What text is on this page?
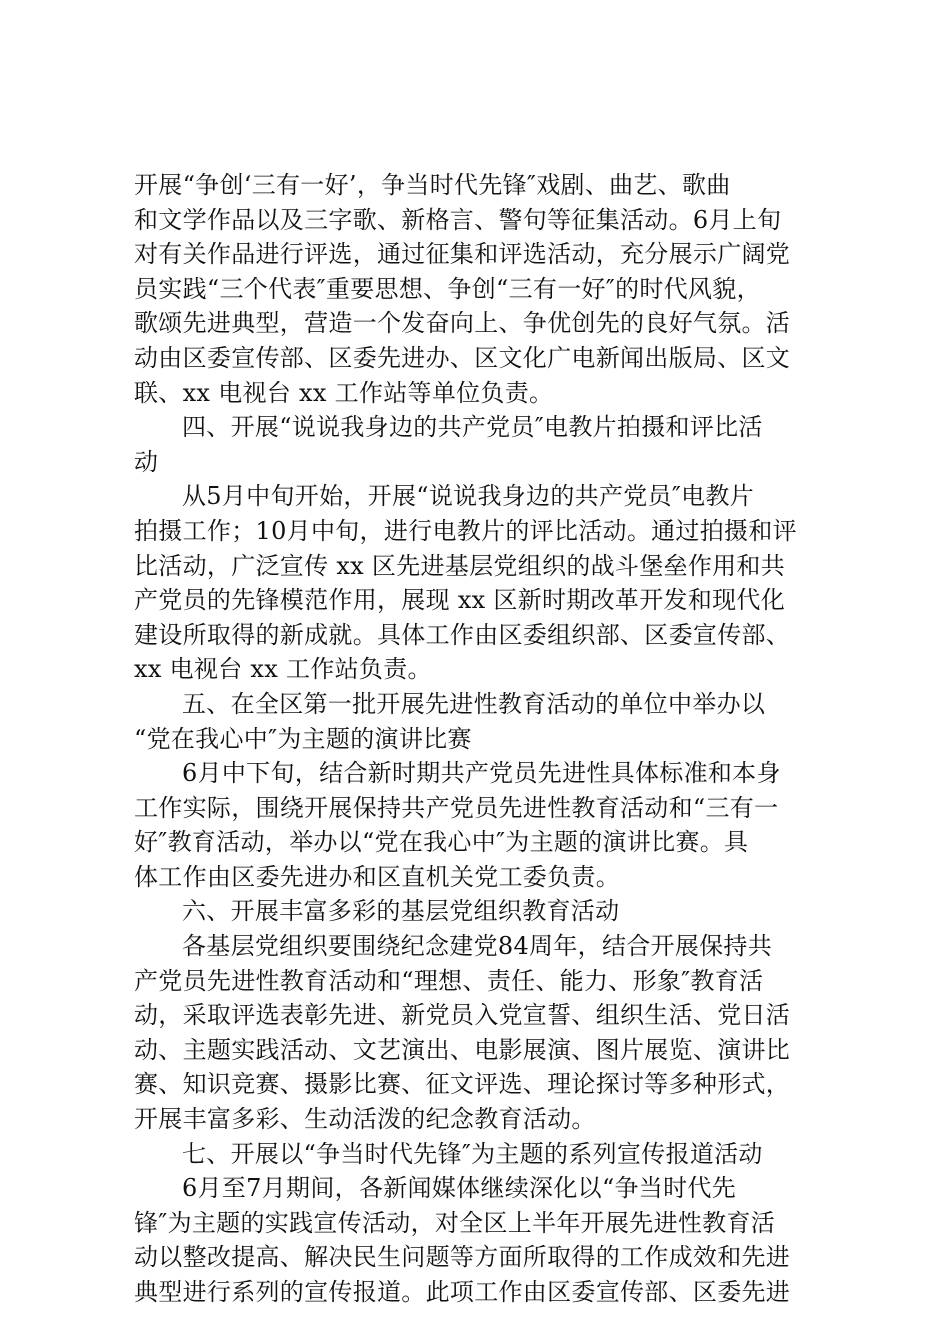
开展“争创‘三有一好’，争当时代先锋″戏剧、曲艺、歌曲
和文学作品以及三字歌、新格言、警句等征集活动。6月上旬
对有关作品进行评选，通过征集和评选活动，充分展示广阔党
员实践“三个代表″重要思想、争创“三有一好″的时代风貌，
歌颂先进典型，营造一个发奋向上、争优创先的良好气氛。活
动由区委宣传部、区委先进办、区文化广电新闻出版局、区文
联、xx 电视台 xx 工作站等单位负责。
四、开展“说说我身边的共产党员″电教片拍摄和评比活
动
从5月中旬开始，开展“说说我身边的共产党员″电教片
拍摄工作；10月中旬，进行电教片的评比活动。通过拍摄和评
比活动，广泛宣传 xx 区先进基层党组织的战斗堡垒作用和共
产党员的先锋模范作用，展现 xx 区新时期改革开发和现代化
建设所取得的新成就。具体工作由区委组织部、区委宣传部、
xx 电视台 xx 工作站负责。
五、在全区第一批开展先进性教育活动的单位中举办以
“党在我心中″为主题的演讲比赛
6月中下旬，结合新时期共产党员先进性具体标准和本身
工作实际，围绕开展保持共产党员先进性教育活动和“三有一
好″教育活动，举办以“党在我心中″为主题的演讲比赛。具
体工作由区委先进办和区直机关党工委负责。
六、开展丰富多彩的基层党组织教育活动
各基层党组织要围绕纪念建党84周年，结合开展保持共
产党员先进性教育活动和“理想、责任、能力、形象″教育活
动，采取评选表彰先进、新党员入党宣誓、组织生活、党日活
动、主题实践活动、文艺演出、电影展演、图片展览、演讲比
赛、知识竞赛、摄影比赛、征文评选、理论探讨等多种形式，
开展丰富多彩、生动活泼的纪念教育活动。
七、开展以“争当时代先锋″为主题的系列宣传报道活动
6月至7月期间，各新闻媒体继续深化以“争当时代先
锋″为主题的实践宣传活动，对全区上半年开展先进性教育活
动以整改提高、解决民生问题等方面所取得的工作成效和先进
典型进行系列的宣传报道。此项工作由区委宣传部、区委先进
